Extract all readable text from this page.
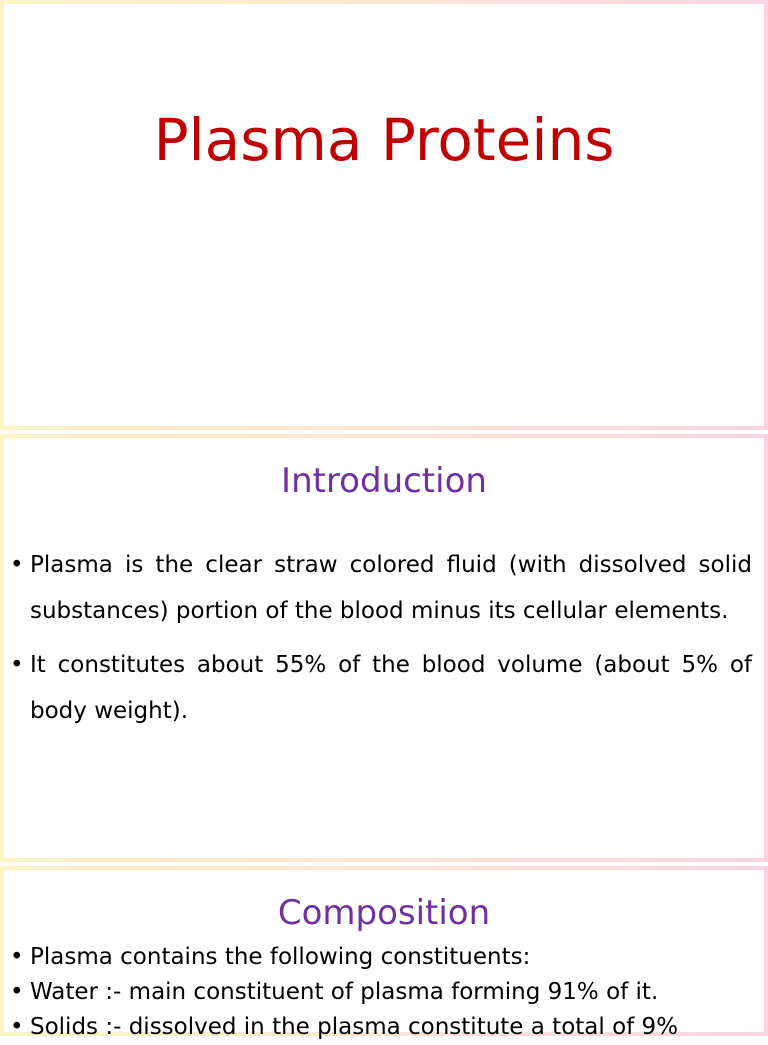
Plasma Proteins
Introduction
• Plasma is the clear straw colored fluid (with dissolved solid substances) portion of the blood minus its cellular elements.
• It constitutes about 55% of the blood volume (about 5% of body weight).
Composition
• Plasma contains the following constituents:
• Water :- main constituent of plasma forming 91% of it.
• Solids :- dissolved in the plasma constitute a total of 9%
